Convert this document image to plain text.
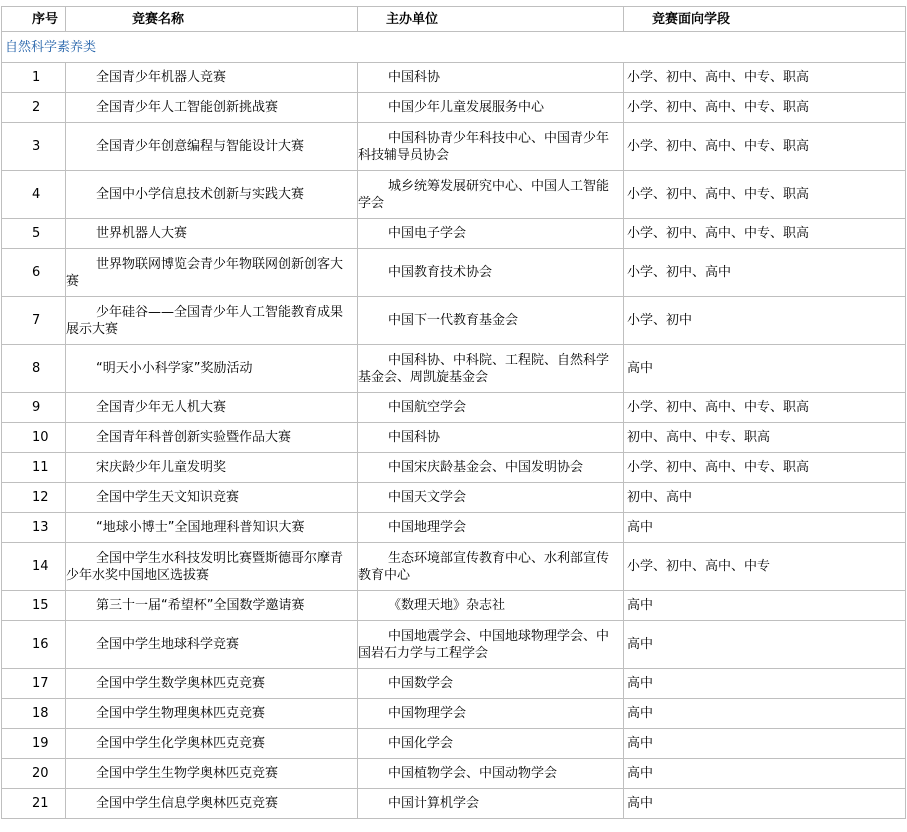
序号	竞赛名称	主办单位	竞赛面向学段
自然科学素养类			
1	全国青少年机器人竞赛	中国科协	小学、初中、高中、中专、职高
2	全国青少年人工智能创新挑战赛	中国少年儿童发展服务中心	小学、初中、高中、中专、职高
3	全国青少年创意编程与智能设计大赛	中国科协青少年科技中心、中国青少年科技辅导员协会	小学、初中、高中、中专、职高
4	全国中小学信息技术创新与实践大赛	城乡统筹发展研究中心、中国人工智能学会	小学、初中、高中、中专、职高
5	世界机器人大赛	中国电子学会	小学、初中、高中、中专、职高
6	世界物联网博览会青少年物联网创新创客大赛	中国教育技术协会	小学、初中、高中
7	少年硅谷——全国青少年人工智能教育成果展示大赛	中国下一代教育基金会	小学、初中
8	“明天小小科学家”奖励活动	中国科协、中科院、工程院、自然科学基金会、周凯旋基金会	高中
9	全国青少年无人机大赛	中国航空学会	小学、初中、高中、中专、职高
10	全国青年科普创新实验暨作品大赛	中国科协	初中、高中、中专、职高
11	宋庆龄少年儿童发明奖	中国宋庆龄基金会、中国发明协会	小学、初中、高中、中专、职高
12	全国中学生天文知识竞赛	中国天文学会	初中、高中
13	“地球小博士”全国地理科普知识大赛	中国地理学会	高中
14	全国中学生水科技发明比赛暨斯德哥尔摩青少年水奖中国地区选拔赛	生态环境部宣传教育中心、水利部宣传教育中心	小学、初中、高中、中专
15	第三十一届“希望杯”全国数学邀请赛	《数理天地》杂志社	高中
16	全国中学生地球科学竞赛	中国地震学会、中国地球物理学会、中国岩石力学与工程学会	高中
17	全国中学生数学奥林匹克竞赛	中国数学会	高中
18	全国中学生物理奥林匹克竞赛	中国物理学会	高中
19	全国中学生化学奥林匹克竞赛	中国化学会	高中
20	全国中学生生物学奥林匹克竞赛	中国植物学会、中国动物学会	高中
21	全国中学生信息学奥林匹克竞赛	中国计算机学会	高中
